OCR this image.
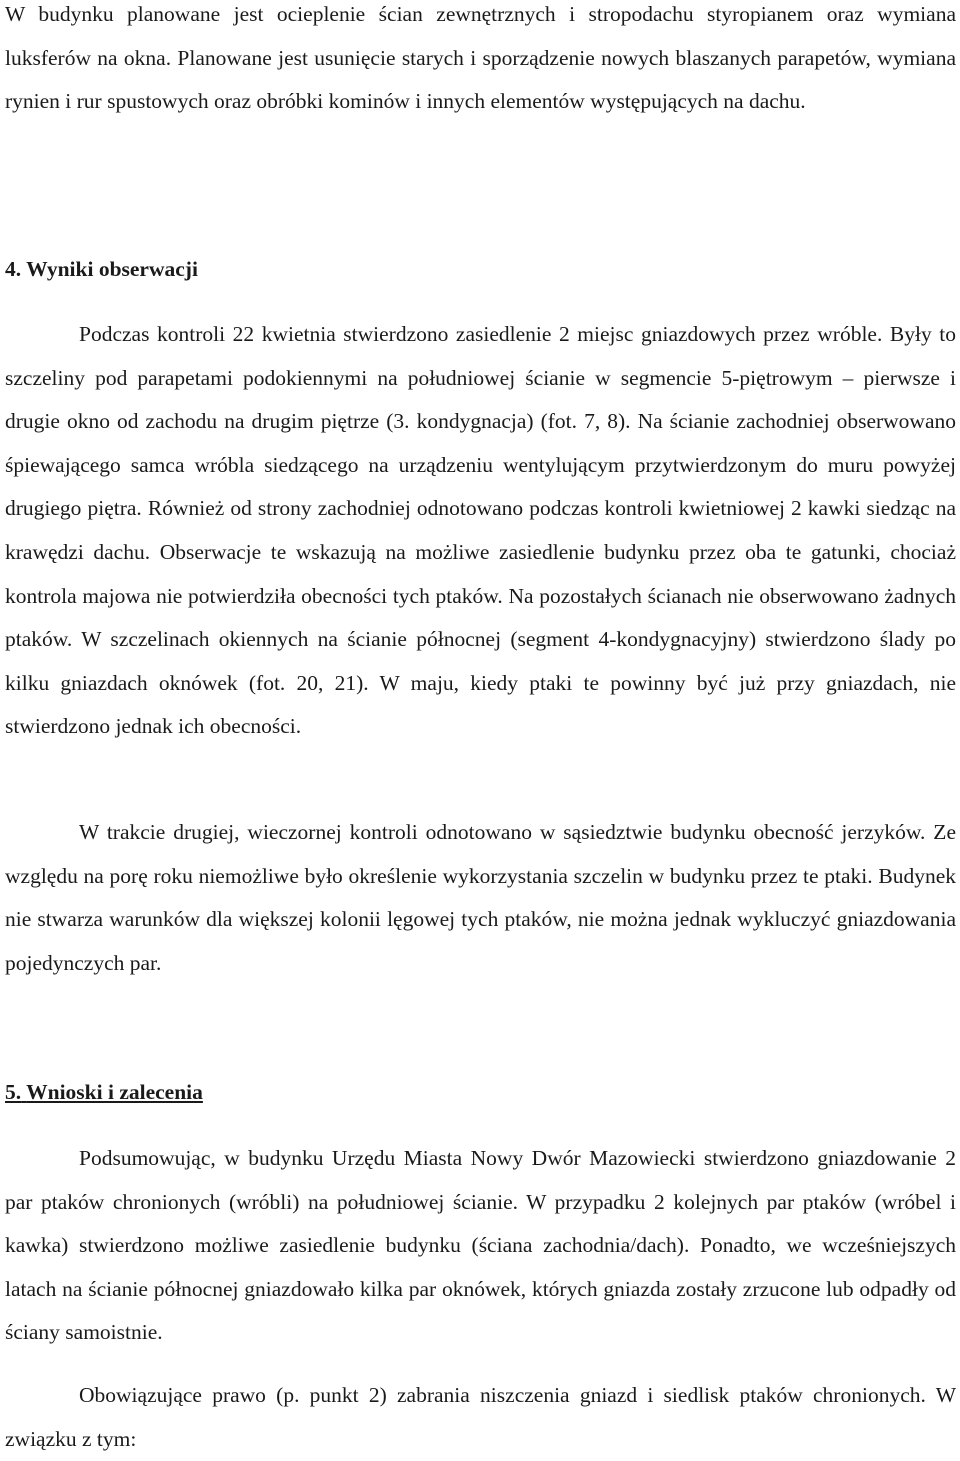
W budynku planowane jest ocieplenie ścian zewnętrznych i stropodachu styropianem oraz wymiana luksferów na okna. Planowane jest usunięcie starych i sporządzenie nowych blaszanych parapetów, wymiana rynien i rur spustowych oraz obróbki kominów i innych elementów występujących na dachu.

4. Wyniki obserwacji

Podczas kontroli 22 kwietnia stwierdzono zasiedlenie 2 miejsc gniazdowych przez wróble. Były to szczeliny pod parapetami podokiennymi na południowej ścianie w segmencie 5-piętrowym – pierwsze i drugie okno od zachodu na drugim piętrze (3. kondygnacja) (fot. 7, 8). Na ścianie zachodniej obserwowano śpiewającego samca wróbla siedzącego na urządzeniu wentylującym przytwierdzonym do muru powyżej drugiego piętra. Również od strony zachodniej odnotowano podczas kontroli kwietniowej 2 kawki siedząc na krawędzi dachu. Obserwacje te wskazują na możliwe zasiedlenie budynku przez oba te gatunki, chociaż kontrola majowa nie potwierdziła obecności tych ptaków. Na pozostałych ścianach nie obserwowano żadnych ptaków. W szczelinach okiennych na ścianie północnej (segment 4-kondygnacyjny) stwierdzono ślady po kilku gniazdach oknówek (fot. 20, 21). W maju, kiedy ptaki te powinny być już przy gniazdach, nie stwierdzono jednak ich obecności.

W trakcie drugiej, wieczornej kontroli odnotowano w sąsiedztwie budynku obecność jerzyków. Ze względu na porę roku niemożliwe było określenie wykorzystania szczelin w budynku przez te ptaki. Budynek nie stwarza warunków dla większej kolonii lęgowej tych ptaków, nie można jednak wykluczyć gniazdowania pojedynczych par.

5. Wnioski i zalecenia

Podsumowując, w budynku Urzędu Miasta Nowy Dwór Mazowiecki stwierdzono gniazdowanie 2 par ptaków chronionych (wróbli) na południowej ścianie. W przypadku 2 kolejnych par ptaków (wróbel i kawka) stwierdzono możliwe zasiedlenie budynku (ściana zachodnia/dach). Ponadto, we wcześniejszych latach na ścianie północnej gniazdowało kilka par oknówek, których gniazda zostały zrzucone lub odpadły od ściany samoistnie.

Obowiązujące prawo (p. punkt 2) zabrania niszczenia gniazd i siedlisk ptaków chronionych. W związku z tym:
